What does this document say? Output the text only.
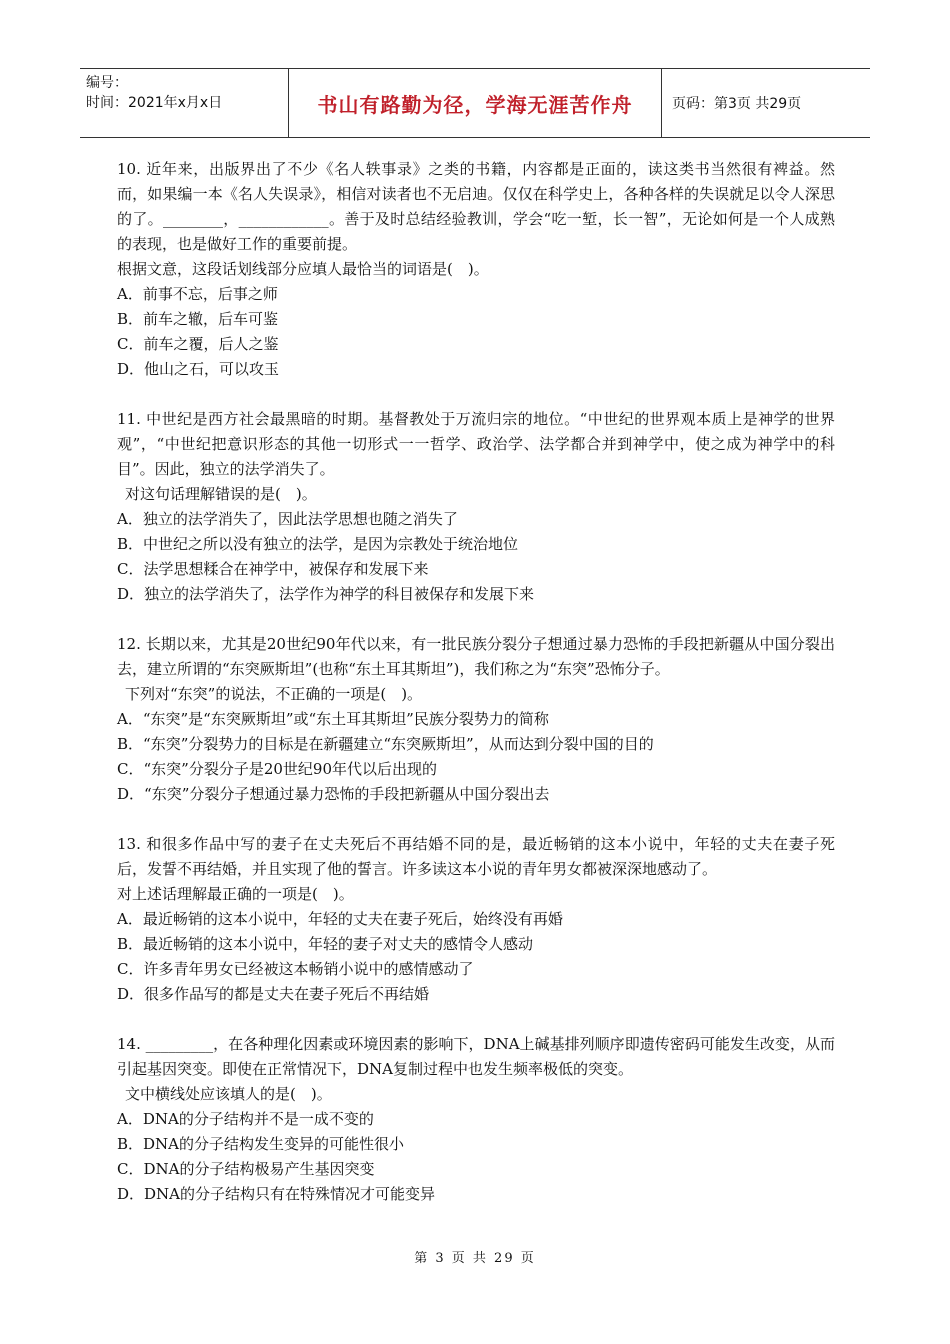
编号：
时间：2021年x月x日	书山有路勤为径，学海无涯苦作舟	页码：第3页 共29页

10. 近年来，出版界出了不少《名人轶事录》之类的书籍，内容都是正面的，读这类书当然很有裨益。然而，如果编一本《名人失误录》，相信对读者也不无启迪。仅仅在科学史上，各种各样的失误就足以令人深思的了。________，____________。善于及时总结经验教训，学会“吃一堑，长一智”，无论如何是一个人成熟的表现，也是做好工作的重要前提。

根据文意，这段话划线部分应填人最恰当的词语是(　)。

A．前事不忘，后事之师

B．前车之辙，后车可鉴

C．前车之覆，后人之鉴

D．他山之石，可以攻玉

11. 中世纪是西方社会最黑暗的时期。基督教处于万流归宗的地位。“中世纪的世界观本质上是神学的世界观”，“中世纪把意识形态的其他一切形式一一哲学、政治学、法学都合并到神学中，使之成为神学中的科目”。因此，独立的法学消失了。

对这句话理解错误的是(　)。

A．独立的法学消失了，因此法学思想也随之消失了

B．中世纪之所以没有独立的法学，是因为宗教处于统治地位

C．法学思想糅合在神学中，被保存和发展下来

D．独立的法学消失了，法学作为神学的科目被保存和发展下来

12. 长期以来，尤其是20世纪90年代以来，有一批民族分裂分子想通过暴力恐怖的手段把新疆从中国分裂出去，建立所谓的“东突厥斯坦”(也称“东土耳其斯坦”)，我们称之为“东突”恐怖分子。

下列对“东突”的说法，不正确的一项是(　)。

A．“东突”是“东突厥斯坦”或“东土耳其斯坦”民族分裂势力的简称

B．“东突”分裂势力的目标是在新疆建立“东突厥斯坦”，从而达到分裂中国的目的

C．“东突”分裂分子是20世纪90年代以后出现的

D．“东突”分裂分子想通过暴力恐怖的手段把新疆从中国分裂出去

13. 和很多作品中写的妻子在丈夫死后不再结婚不同的是，最近畅销的这本小说中，年轻的丈夫在妻子死后，发誓不再结婚，并且实现了他的誓言。许多读这本小说的青年男女都被深深地感动了。

对上述话理解最正确的一项是(　)。

A．最近畅销的这本小说中，年轻的丈夫在妻子死后，始终没有再婚

B．最近畅销的这本小说中，年轻的妻子对丈夫的感情令人感动

C．许多青年男女已经被这本畅销小说中的感情感动了

D．很多作品写的都是丈夫在妻子死后不再结婚

14. _________，在各种理化因素或环境因素的影响下，DNA上碱基排列顺序即遗传密码可能发生改变，从而引起基因突变。即使在正常情况下，DNA复制过程中也发生频率极低的突变。

文中横线处应该填人的是(　)。

A．DNA的分子结构并不是一成不变的

B．DNA的分子结构发生变异的可能性很小

C．DNA的分子结构极易产生基因突变

D．DNA的分子结构只有在特殊情况才可能变异

第 3 页 共 29 页
